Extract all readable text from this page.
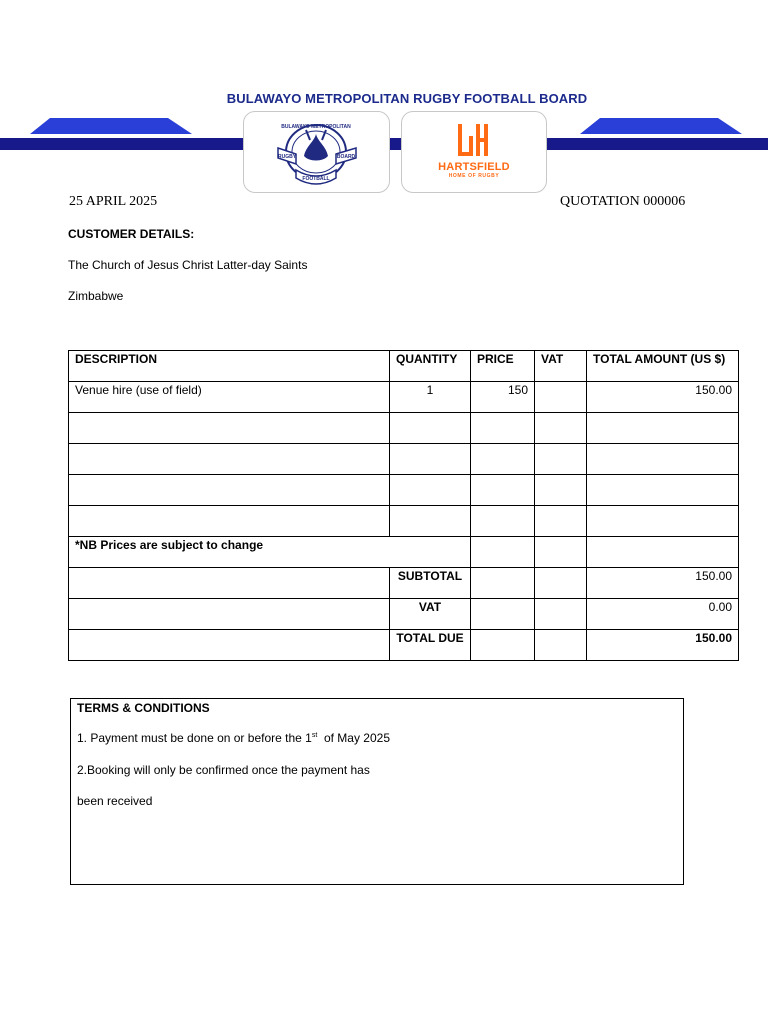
BULAWAYO METROPOLITAN RUGBY FOOTBALL BOARD
BULAWAYO METROPOLITAN
RUGBY
FOOTBALL
BOARD
HARTSFIELD
HOME OF RUGBY
25 APRIL 2025	QUOTATION 000006
CUSTOMER DETAILS:
The Church of Jesus Christ Latter-day Saints
Zimbabwe
DESCRIPTION	QUANTITY	PRICE	VAT	TOTAL AMOUNT (US $)

Venue hire (use of field)	1	150		150.00

*NB Prices are subject to change				

	SUBTOTAL			150.00

	VAT			0.00

	TOTAL DUE			150.00
TERMS & CONDITIONS
1. Payment must be done on or before the 1st  of May 2025
2.Booking will only be confirmed once the payment has
been received
